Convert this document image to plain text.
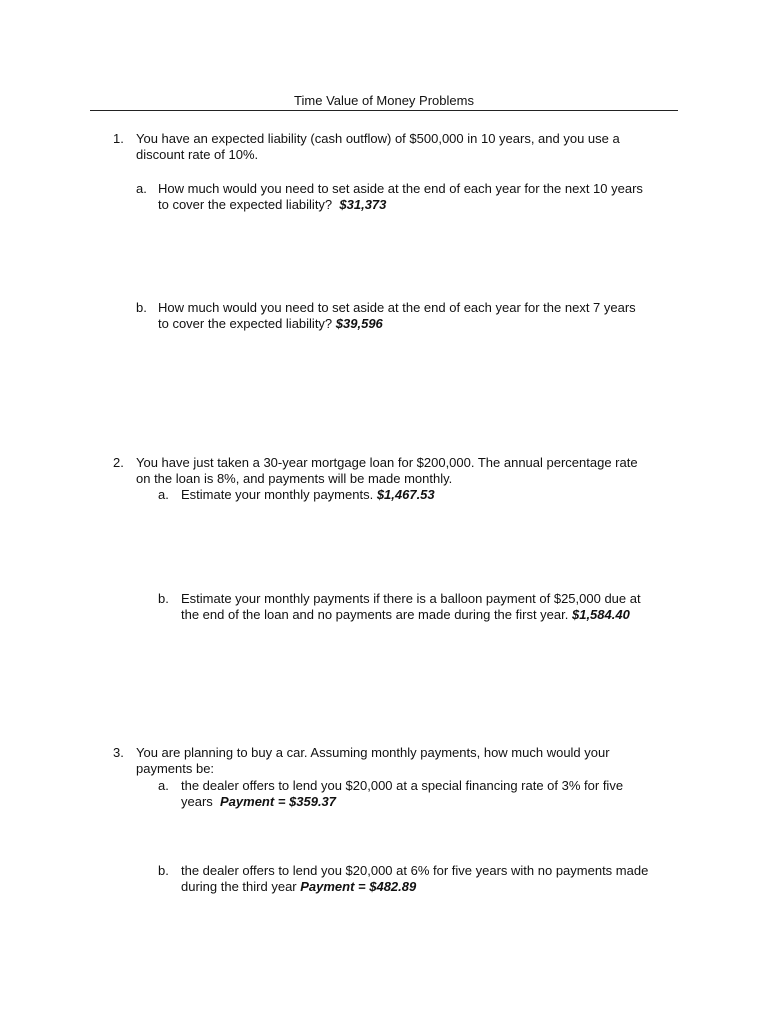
Time Value of Money Problems
1. You have an expected liability (cash outflow) of $500,000 in 10 years, and you use a
discount rate of 10%.
a. How much would you need to set aside at the end of each year for the next 10 years
to cover the expected liability?  $31,373
b. How much would you need to set aside at the end of each year for the next 7 years
to cover the expected liability? $39,596
2. You have just taken a 30-year mortgage loan for $200,000. The annual percentage rate
on the loan is 8%, and payments will be made monthly.
a. Estimate your monthly payments. $1,467.53
b. Estimate your monthly payments if there is a balloon payment of $25,000 due at
the end of the loan and no payments are made during the first year. $1,584.40
3. You are planning to buy a car. Assuming monthly payments, how much would your
payments be:
a. the dealer offers to lend you $20,000 at a special financing rate of 3% for five
years  Payment = $359.37
b. the dealer offers to lend you $20,000 at 6% for five years with no payments made
during the third year Payment = $482.89
